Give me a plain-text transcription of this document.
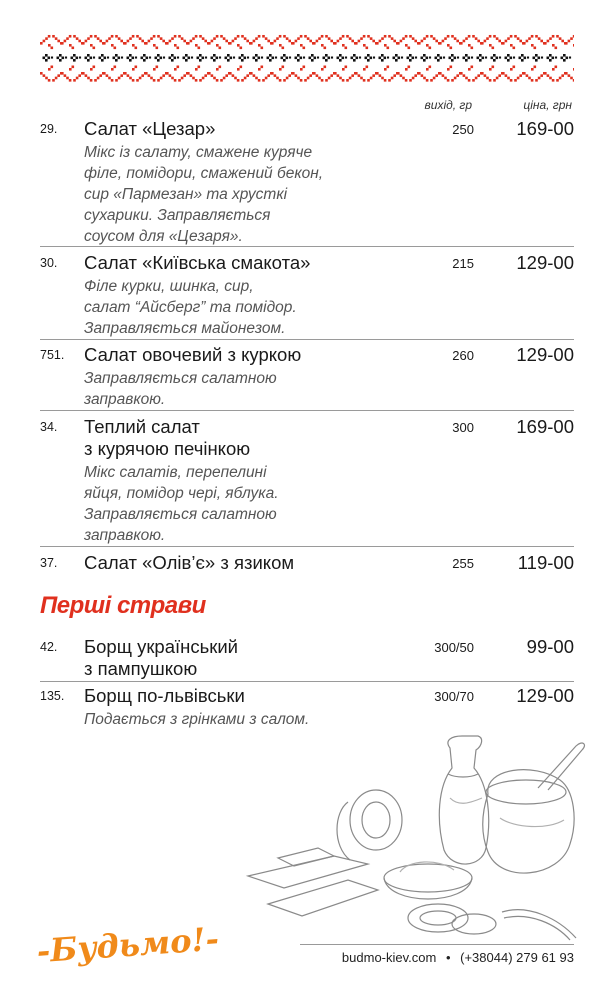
вихід, гр	ціна, грн
29. Салат «Цезар»	250 169-00
Мікс із салату, смажене куряче
філе, помідори, смажений бекон,
сир «Пармезан» та хрусткі
сухарики. Заправляється
соусом для «Цезаря».
30. Салат «Київська смакота»	215 129-00
Філе курки, шинка, сир,
салат “Айсберг” та помідор.
Заправляється майонезом.
751. Салат овочевий з куркою	260 129-00
Заправляється салатною
заправкою.
34. Теплий салат
з курячою печінкою
300 169-00
Мікс салатів, перепелині
яйця, помідор чері, яблука.
Заправляється салатною
заправкою.
37. Салат «Олів’є» з язиком	255 119-00
Перші страви
42. Борщ український
з пампушкою
300/50	99-00
135. Борщ по-львівськи	300/70 129-00
Подається з грінками з салом.
-Будьмо!-	budmo-kiev.com • (+38044) 279 61 93
